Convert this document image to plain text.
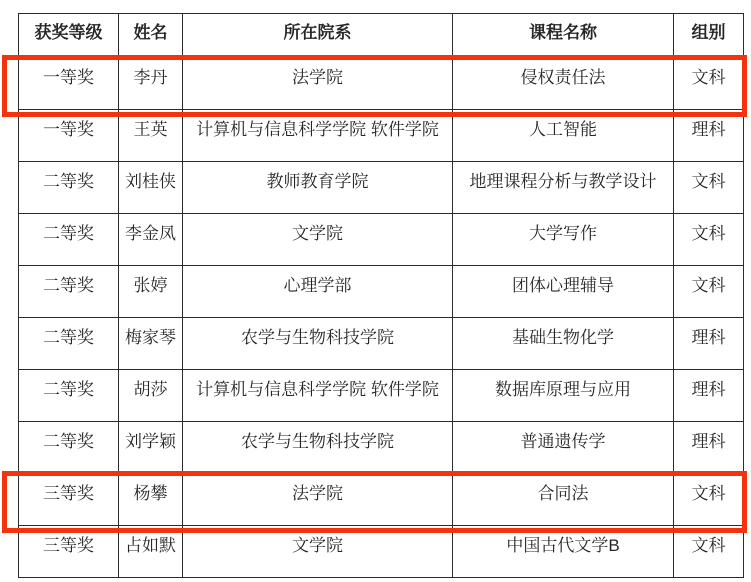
获奖等级	姓名	所在院系	课程名称	组别
一等奖	李丹	法学院	侵权责任法	文科
一等奖	王英	计算机与信息科学学院 软件学院	人工智能	理科
二等奖	刘桂侠	教师教育学院	地理课程分析与教学设计	文科
二等奖	李金凤	文学院	大学写作	文科
二等奖	张婷	心理学部	团体心理辅导	文科
二等奖	梅家琴	农学与生物科技学院	基础生物化学	理科
二等奖	胡莎	计算机与信息科学学院 软件学院	数据库原理与应用	理科
二等奖	刘学颖	农学与生物科技学院	普通遗传学	理科
三等奖	杨攀	法学院	合同法	文科
三等奖	占如默	文学院	中国古代文学B	文科
